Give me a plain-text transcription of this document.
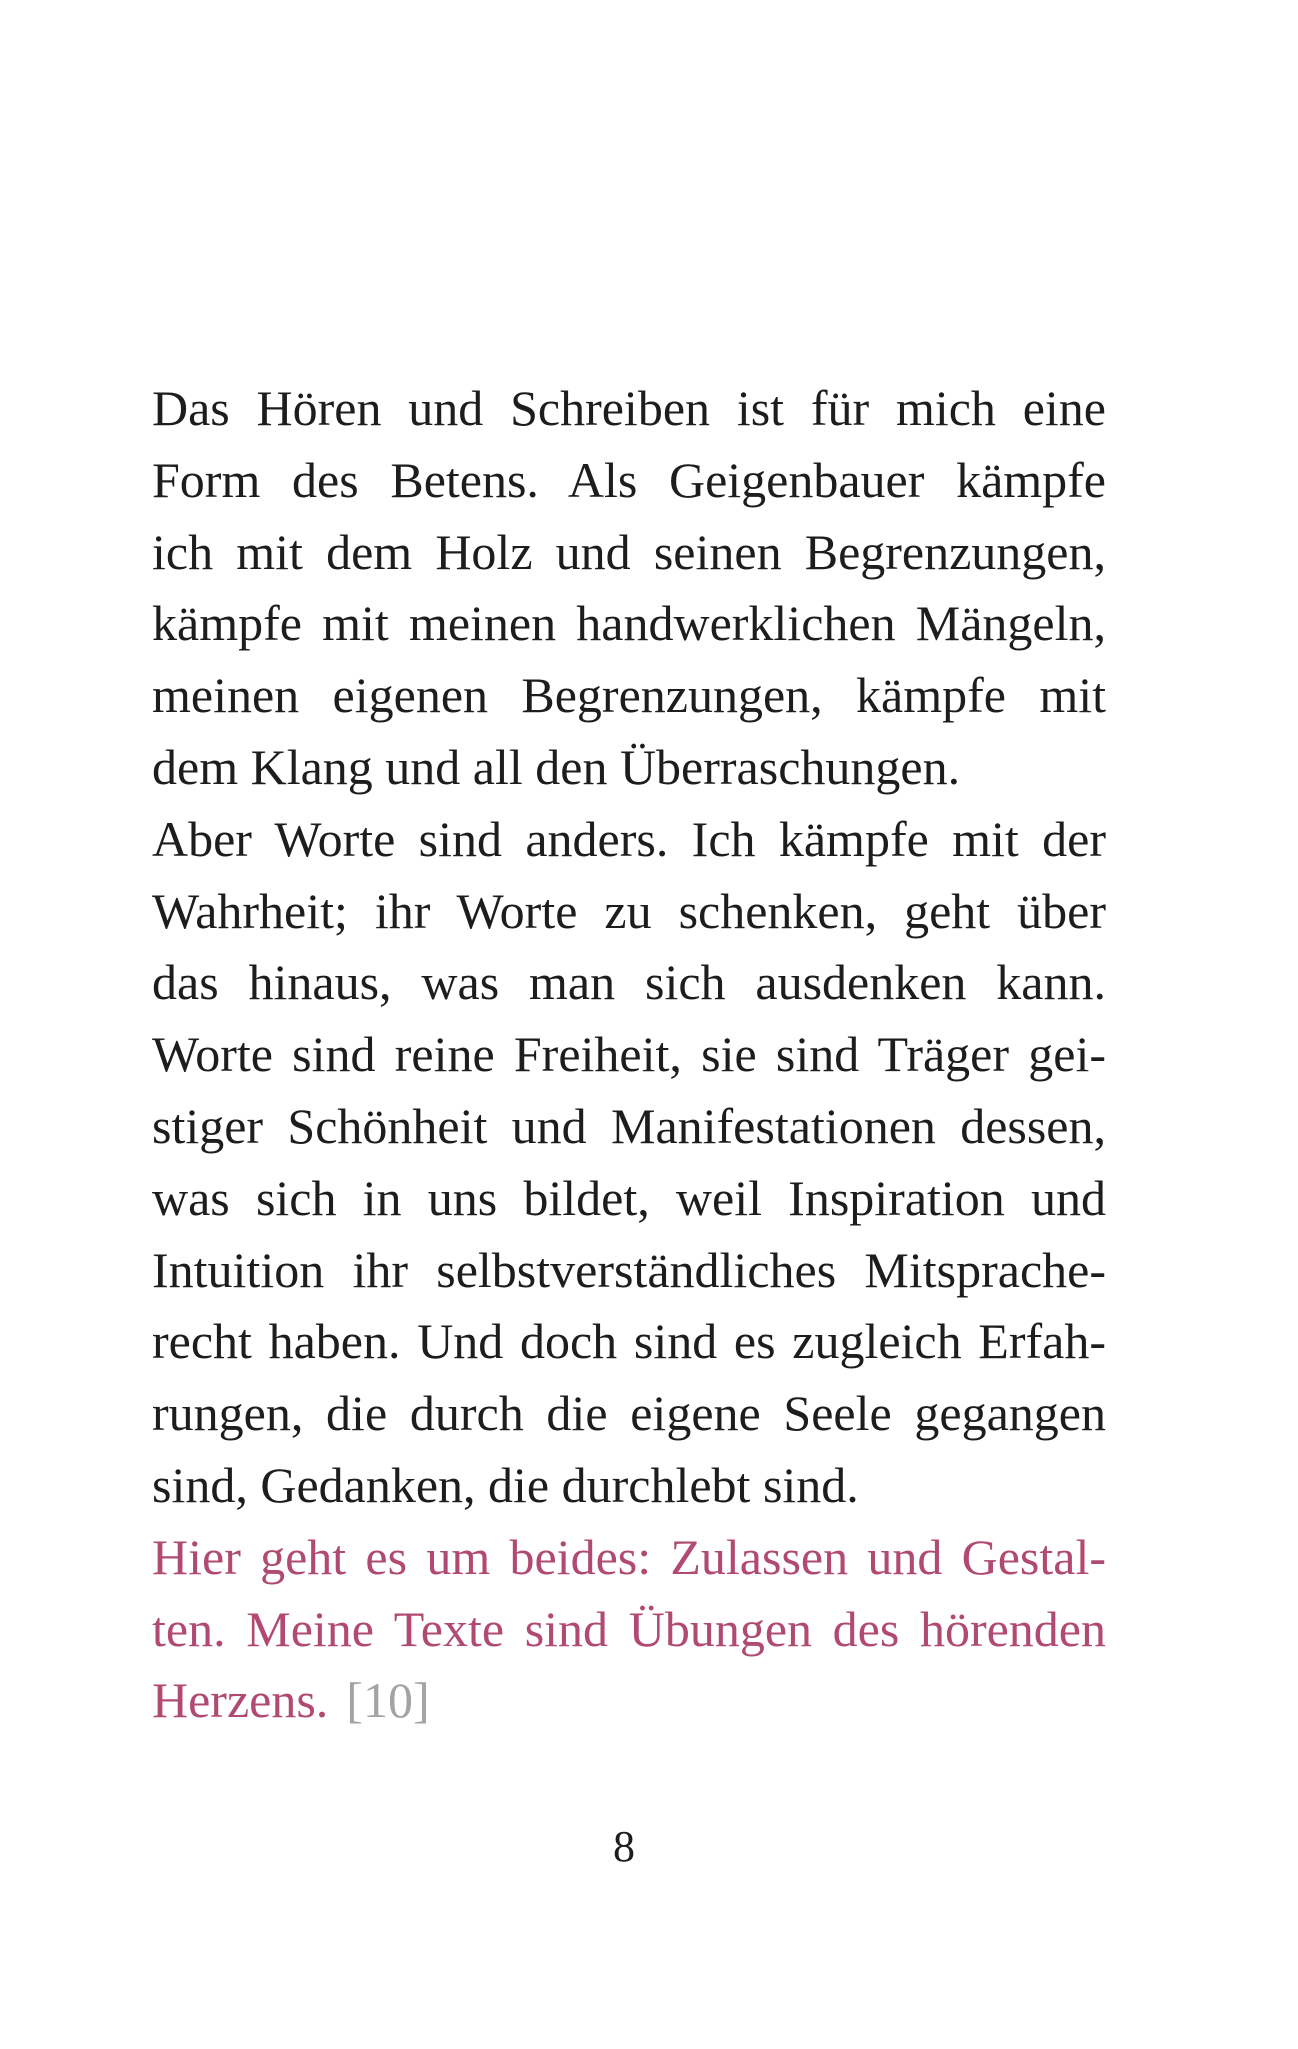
Das Hören und Schreiben ist für mich eine
Form des Betens. Als Geigenbauer kämpfe
ich mit dem Holz und seinen Begrenzungen,
kämpfe mit meinen handwerklichen Mängeln,
meinen eigenen Begrenzungen, kämpfe mit
dem Klang und all den Überraschungen.
Aber Worte sind anders. Ich kämpfe mit der
Wahrheit; ihr Worte zu schenken, geht über
das hinaus, was man sich ausdenken kann.
Worte sind reine Freiheit, sie sind Träger gei-
stiger Schönheit und Manifestationen dessen,
was sich in uns bildet, weil Inspiration und
Intuition ihr selbstverständliches Mitsprache-
recht haben. Und doch sind es zugleich Erfah-
rungen, die durch die eigene Seele gegangen
sind, Gedanken, die durchlebt sind.
Hier geht es um beides: Zulassen und Gestal-
ten. Meine Texte sind Übungen des hörenden
Herzens. [10]
8
